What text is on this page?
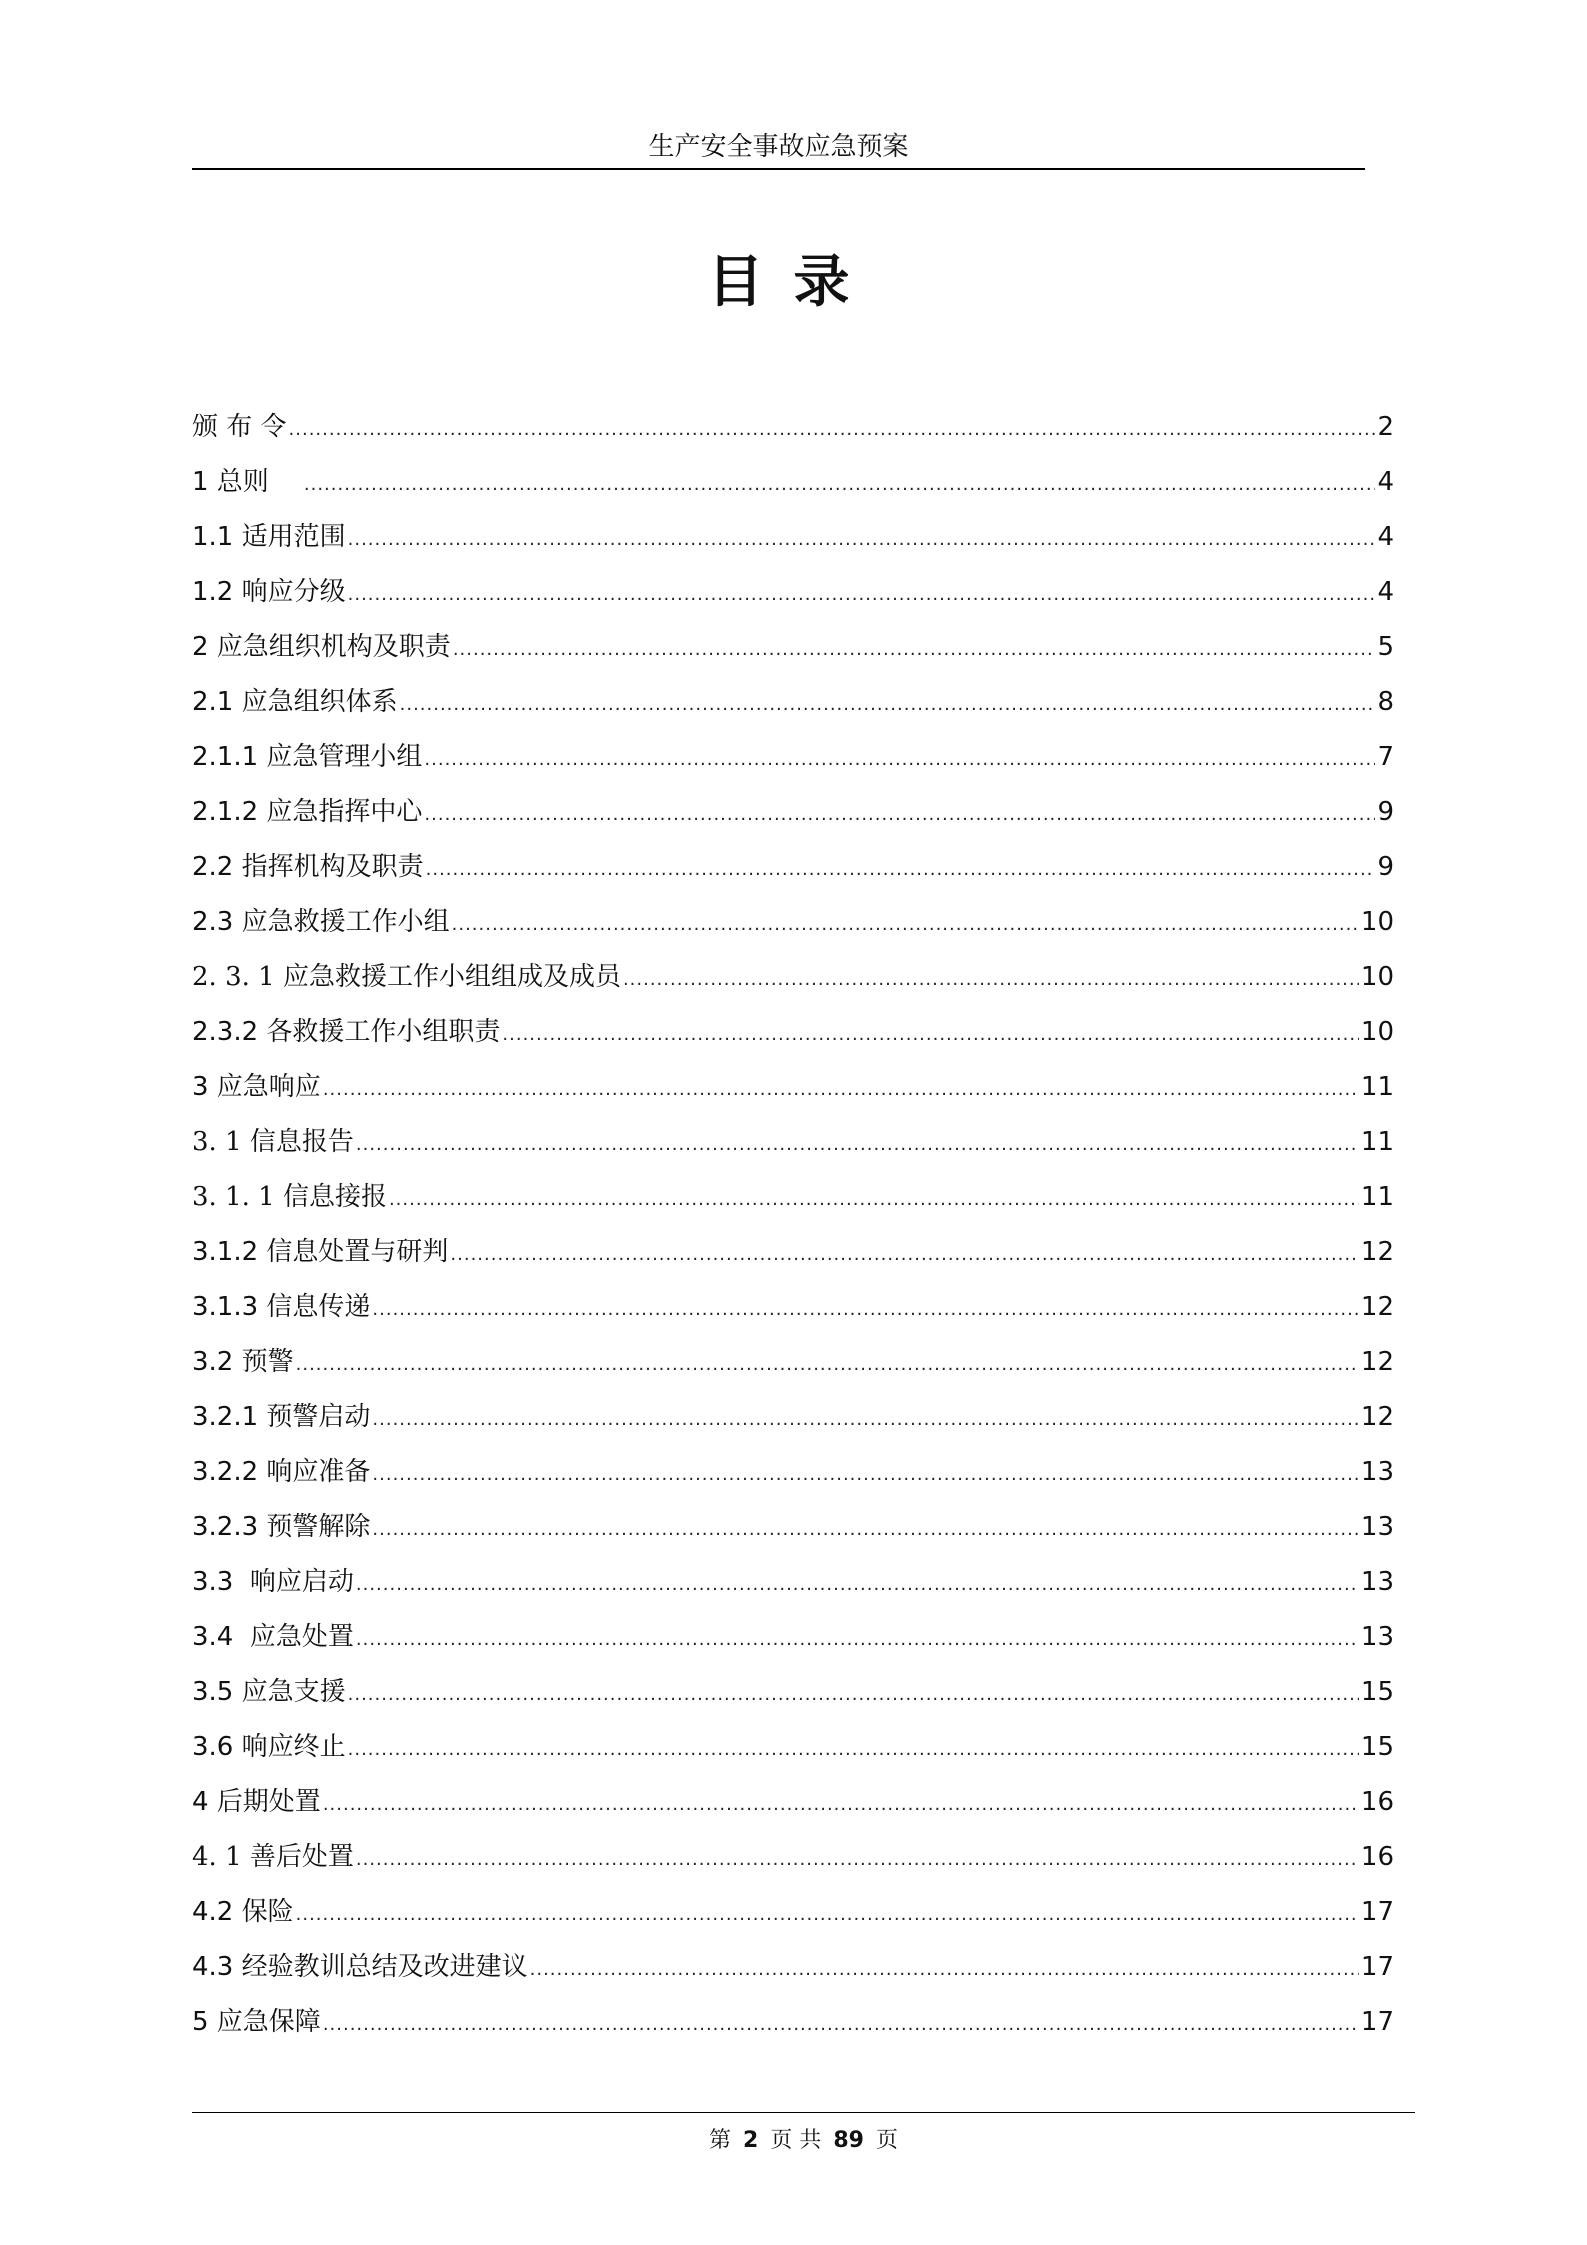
生产安全事故应急预案
目录
颁 布 令 .....	2
1 总则 .....	4
1.1 适用范围 .....	4
1.2 响应分级 .....	4
2 应急组织机构及职责 .....	5
2.1 应急组织体系 .....	8
2.1.1 应急管理小组 .....	7
2.1.2 应急指挥中心 .....	9
2.2 指挥机构及职责 .....	9
2.3 应急救援工作小组 .....	10
2. 3. 1 应急救援工作小组组成及成员 .....	10
2.3.2 各救援工作小组职责 .....	10
3 应急响应 .....	11
3. 1 信息报告 .....	11
3. 1. 1 信息接报 .....	11
3.1.2 信息处置与研判 .....	12
3.1.3 信息传递 .....	12
3.2 预警 .....	12
3.2.1 预警启动 .....	12
3.2.2 响应准备 .....	13
3.2.3 预警解除 .....	13
3.3  响应启动 .....	13
3.4  应急处置 .....	13
3.5 应急支援 .....	15
3.6 响应终止 .....	15
4 后期处置 .....	16
4. 1 善后处置 .....	16
4.2 保险 .....	17
4.3 经验教训总结及改进建议 .....	17
5 应急保障 .....	17
第 2 页 共 89 页
